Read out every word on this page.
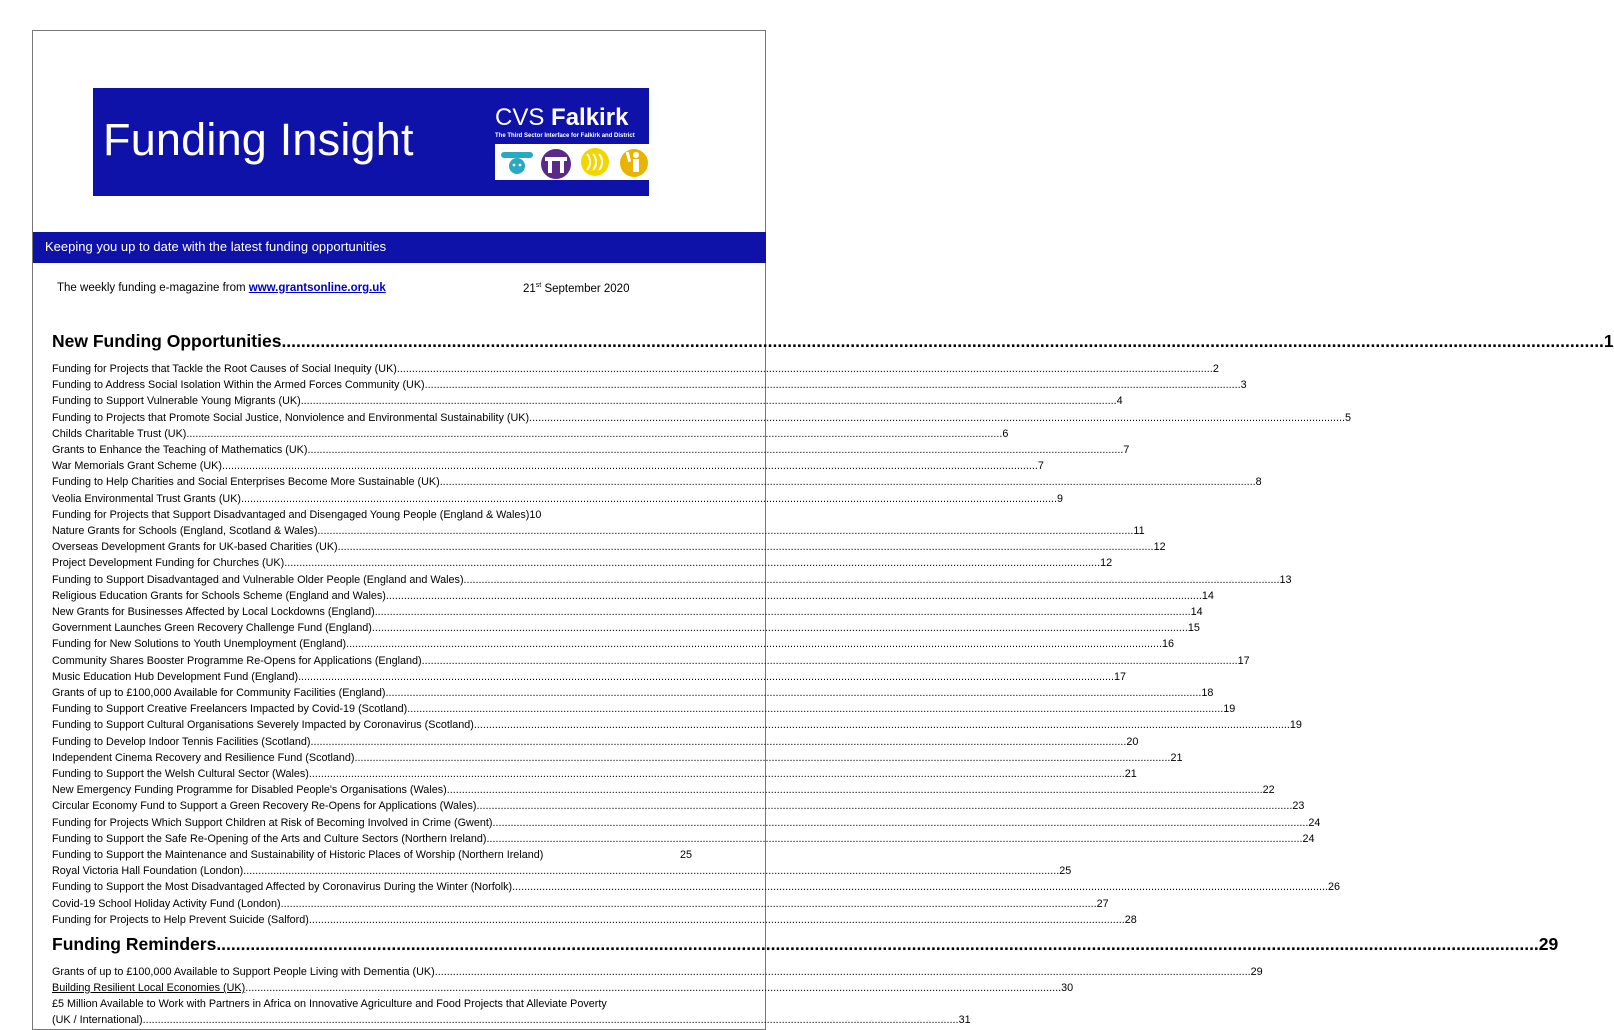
Funding Insight	CVS Falkirk
The Third Sector Interface for Falkirk and District
Keeping you up to date with the latest funding opportunities
The weekly funding e-magazine from www.grantsonline.org.uk	21st September 2020
New Funding Opportunities .....	1
Funding for Projects that Tackle the Root Causes of Social Inequity (UK) .....	2
Funding to Address Social Isolation Within the Armed Forces Community (UK) .....	3
Funding to Support Vulnerable Young Migrants (UK) .....	4
Funding to Projects that Promote Social Justice, Nonviolence and Environmental Sustainability (UK) .....	5
Childs Charitable Trust (UK) .....	6
Grants to Enhance the Teaching of Mathematics (UK) .....	7
War Memorials Grant Scheme (UK) .....	7
Funding to Help Charities and Social Enterprises Become More Sustainable (UK) .....	8
Veolia Environmental Trust Grants (UK) .....	9
Funding for Projects that Support Disadvantaged and Disengaged Young People (England & Wales) 10
Nature Grants for Schools (England, Scotland & Wales) .....	11
Overseas Development Grants for UK-based Charities (UK) .....	12
Project Development Funding for Churches (UK) .....	12
Funding to Support Disadvantaged and Vulnerable Older People (England and Wales) .....	13
Religious Education Grants for Schools Scheme (England and Wales) .....	14
New Grants for Businesses Affected by Local Lockdowns (England) .....	14
Government Launches Green Recovery Challenge Fund (England) .....	15
Funding for New Solutions to Youth Unemployment (England) .....	16
Community Shares Booster Programme Re-Opens for Applications (England) .....	17
Music Education Hub Development Fund (England) .....	17
Grants of up to £100,000 Available for Community Facilities (England) .....	18
Funding to Support Creative Freelancers Impacted by Covid-19 (Scotland) .....	19
Funding to Support Cultural Organisations Severely Impacted by Coronavirus (Scotland) .....	19
Funding to Develop Indoor Tennis Facilities (Scotland) .....	20
Independent Cinema Recovery and Resilience Fund (Scotland) .....	21
Funding to Support the Welsh Cultural Sector (Wales) .....	21
New Emergency Funding Programme for Disabled People's Organisations (Wales) .....	22
Circular Economy Fund to Support a Green Recovery Re-Opens for Applications (Wales) .....	23
Funding for Projects Which Support Children at Risk of Becoming Involved in Crime (Gwent) .....	24
Funding to Support the Safe Re-Opening of the Arts and Culture Sectors (Northern Ireland) .....	24
Funding to Support the Maintenance and Sustainability of Historic Places of Worship (Northern Ireland)	25
Royal Victoria Hall Foundation (London) .....	25
Funding to Support the Most Disadvantaged Affected by Coronavirus During the Winter (Norfolk) .....	26
Covid-19 School Holiday Activity Fund (London) .....	27
Funding for Projects to Help Prevent Suicide (Salford) .....	28
Funding Reminders .....	29
Grants of up to £100,000 Available to Support People Living with Dementia (UK) .....	29
Building Resilient Local Economies (UK) .....	30
£5 Million Available to Work with Partners in Africa on Innovative Agriculture and Food Projects that Alleviate Poverty
(UK / International) .....	31
